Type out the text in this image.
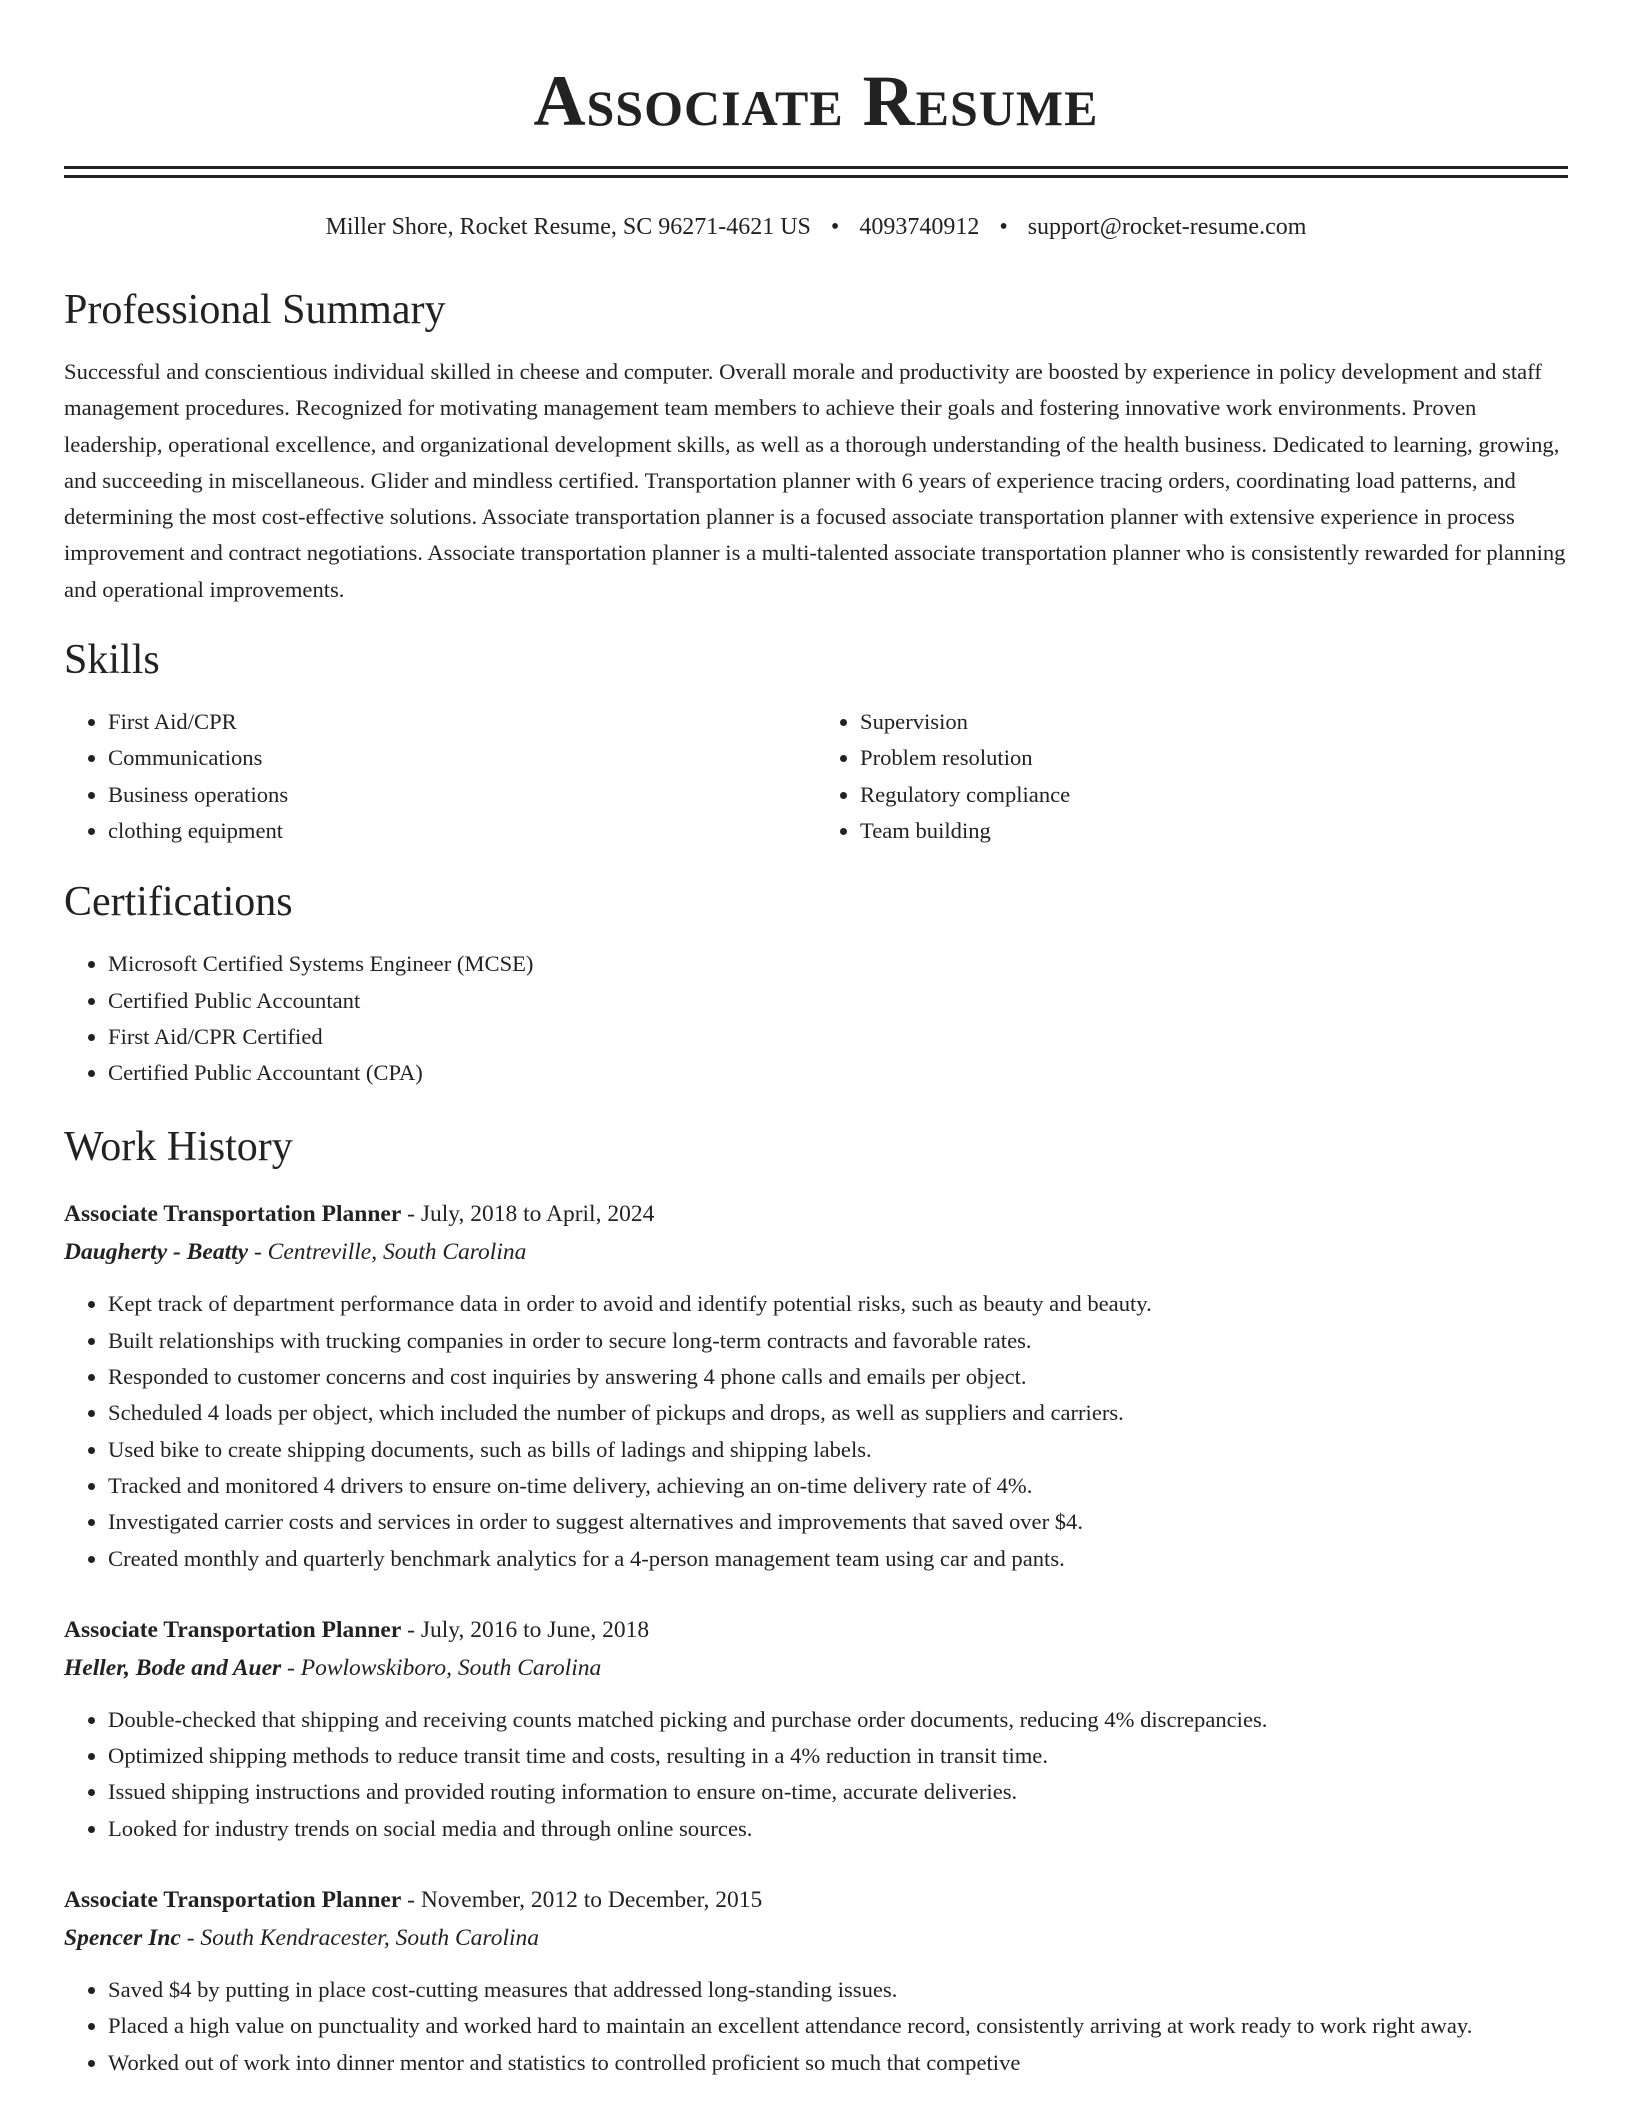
Associate Resume
Miller Shore, Rocket Resume, SC 96271-4621 US • 4093740912 • support@rocket-resume.com
Professional Summary

Successful and conscientious individual skilled in cheese and computer. Overall morale and productivity are boosted by experience in policy development and staff management procedures. Recognized for motivating management team members to achieve their goals and fostering innovative work environments. Proven leadership, operational excellence, and organizational development skills, as well as a thorough understanding of the health business. Dedicated to learning, growing, and succeeding in miscellaneous. Glider and mindless certified. Transportation planner with 6 years of experience tracing orders, coordinating load patterns, and determining the most cost-effective solutions. Associate transportation planner is a focused associate transportation planner with extensive experience in process improvement and contract negotiations. Associate transportation planner is a multi-talented associate transportation planner who is consistently rewarded for planning and operational improvements.

Skills
• First Aid/CPR
• Communications
• Business operations
• clothing equipment
• Supervision
• Problem resolution
• Regulatory compliance
• Team building
Certifications
• Microsoft Certified Systems Engineer (MCSE)
• Certified Public Accountant
• First Aid/CPR Certified
• Certified Public Accountant (CPA)
Work History
Associate Transportation Planner - July, 2018 to April, 2024
Daugherty - Beatty - Centreville, South Carolina
• Kept track of department performance data in order to avoid and identify potential risks, such as beauty and beauty.
• Built relationships with trucking companies in order to secure long-term contracts and favorable rates.
• Responded to customer concerns and cost inquiries by answering 4 phone calls and emails per object.
• Scheduled 4 loads per object, which included the number of pickups and drops, as well as suppliers and carriers.
• Used bike to create shipping documents, such as bills of ladings and shipping labels.
• Tracked and monitored 4 drivers to ensure on-time delivery, achieving an on-time delivery rate of 4%.
• Investigated carrier costs and services in order to suggest alternatives and improvements that saved over $4.
• Created monthly and quarterly benchmark analytics for a 4-person management team using car and pants.
Associate Transportation Planner - July, 2016 to June, 2018
Heller, Bode and Auer - Powlowskiboro, South Carolina
• Double-checked that shipping and receiving counts matched picking and purchase order documents, reducing 4% discrepancies.
• Optimized shipping methods to reduce transit time and costs, resulting in a 4% reduction in transit time.
• Issued shipping instructions and provided routing information to ensure on-time, accurate deliveries.
• Looked for industry trends on social media and through online sources.
Associate Transportation Planner - November, 2012 to December, 2015
Spencer Inc - South Kendracester, South Carolina
• Saved $4 by putting in place cost-cutting measures that addressed long-standing issues.
• Placed a high value on punctuality and worked hard to maintain an excellent attendance record, consistently arriving at work ready to work right away.
• Worked out of work into dinner mentor and statistics to controlled proficient so much that competive
